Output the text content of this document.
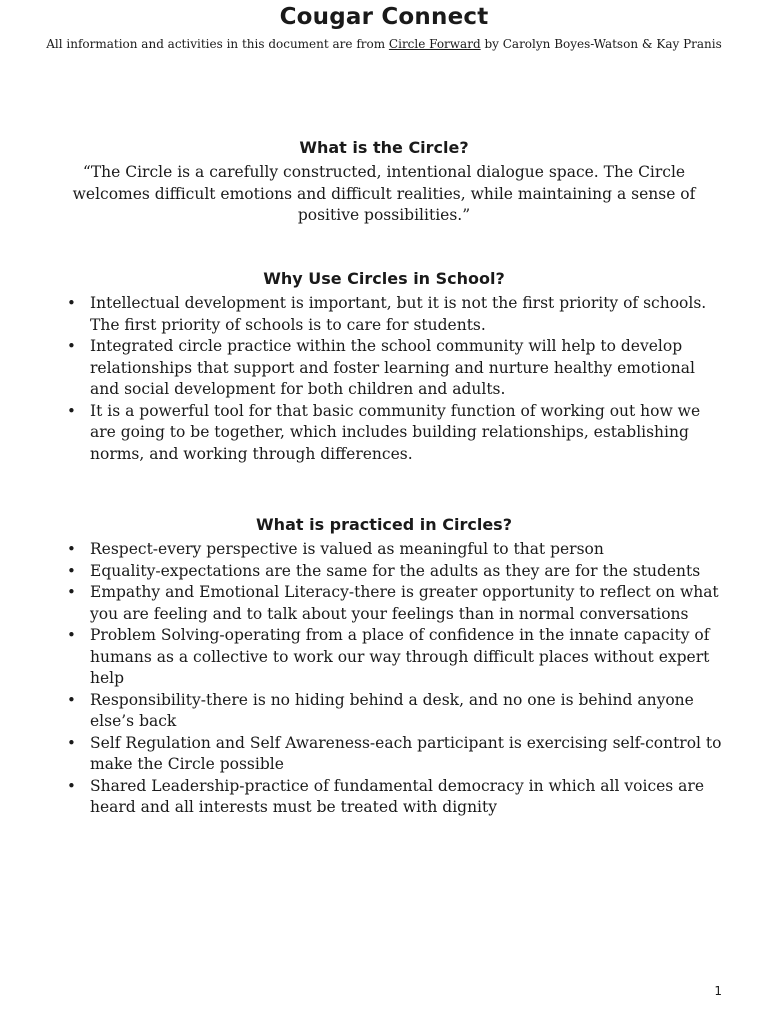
Cougar Connect

All information and activities in this document are from Circle Forward by Carolyn Boyes-Watson & Kay Pranis

What is the Circle?

“The Circle is a carefully constructed, intentional dialogue space. The Circle welcomes difficult emotions and difficult realities, while maintaining a sense of positive possibilities.”

Why Use Circles in School?
• Intellectual development is important, but it is not the first priority of schools. The first priority of schools is to care for students.
• Integrated circle practice within the school community will help to develop relationships that support and foster learning and nurture healthy emotional and social development for both children and adults.
• It is a powerful tool for that basic community function of working out how we are going to be together, which includes building relationships, establishing norms, and working through differences.
What is practiced in Circles?
• Respect-every perspective is valued as meaningful to that person
• Equality-expectations are the same for the adults as they are for the students
• Empathy and Emotional Literacy-there is greater opportunity to reflect on what you are feeling and to talk about your feelings than in normal conversations
• Problem Solving-operating from a place of confidence in the innate capacity of humans as a collective to work our way through difficult places without expert help
• Responsibility-there is no hiding behind a desk, and no one is behind anyone else’s back
• Self Regulation and Self Awareness-each participant is exercising self-control to make the Circle possible
• Shared Leadership-practice of fundamental democracy in which all voices are heard and all interests must be treated with dignity
1
